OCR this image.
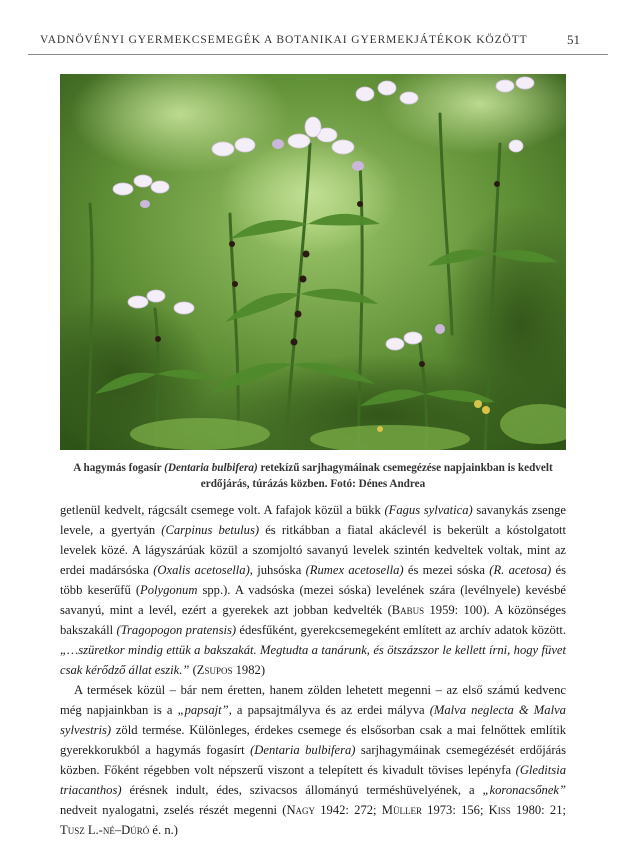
VADNÖVÉNYI GYERMEKCSEMEGÉK A BOTANIKAI GYERMEKJÁTÉKOK KÖZÖTT	51
A hagymás fogasír (Dentaria bulbifera) retekízű sarjhagymáinak csemegézése napjainkban is kedvelt erdőjárás, túrázás közben. Fotó: Dénes Andrea

getlenül kedvelt, rágcsált csemege volt. A fafajok közül a bükk (Fagus sylvatica) savanykás zsenge levele, a gyertyán (Carpinus betulus) és ritkábban a fiatal akáclevél is bekerült a kóstolgatott levelek közé. A lágyszárúak közül a szomjoltó savanyú levelek szintén kedveltek voltak, mint az erdei madársóska (Oxalis acetosella), juhsóska (Rumex acetosella) és mezei sóska (R. acetosa) és több keserűfű (Polygonum spp.). A vadsóska (mezei sóska) levelének szára (levélnyele) kevésbé savanyú, mint a levél, ezért a gyerekek azt jobban kedvelték (Babus 1959: 100). A közönséges bakszakáll (Tragopogon pratensis) édesfűként, gyerekcsemegeként említett az archív adatok között. „…szüretkor mindig ettük a bakszakát. Megtudta a tanárunk, és ötszázszor le kellett írni, hogy füvet csak kérődző állat eszik.” (Zsupos 1982)

A termések közül – bár nem éretten, hanem zölden lehetett megenni – az első számú kedvenc még napjainkban is a „papsajt”, a papsajtmályva és az erdei mályva (Malva neglecta & Malva sylvestris) zöld termése. Különleges, érdekes csemege és elsősorban csak a mai felnőttek említik gyerekkorukból a hagymás fogasírt (Dentaria bulbifera) sarjhagymáinak csemegézését erdőjárás közben. Főként régebben volt népszerű viszont a telepített és kivadult tövises lepényfa (Gleditsia triacanthos) érésnek indult, édes, szivacsos állományú terméshüvelyének, a „koronacsőnek” nedveit nyalogatni, zselés részét megenni (Nagy 1942: 272; Müller 1973: 156; Kiss 1980: 21; Tusz L.-né–Dúró é. n.)
